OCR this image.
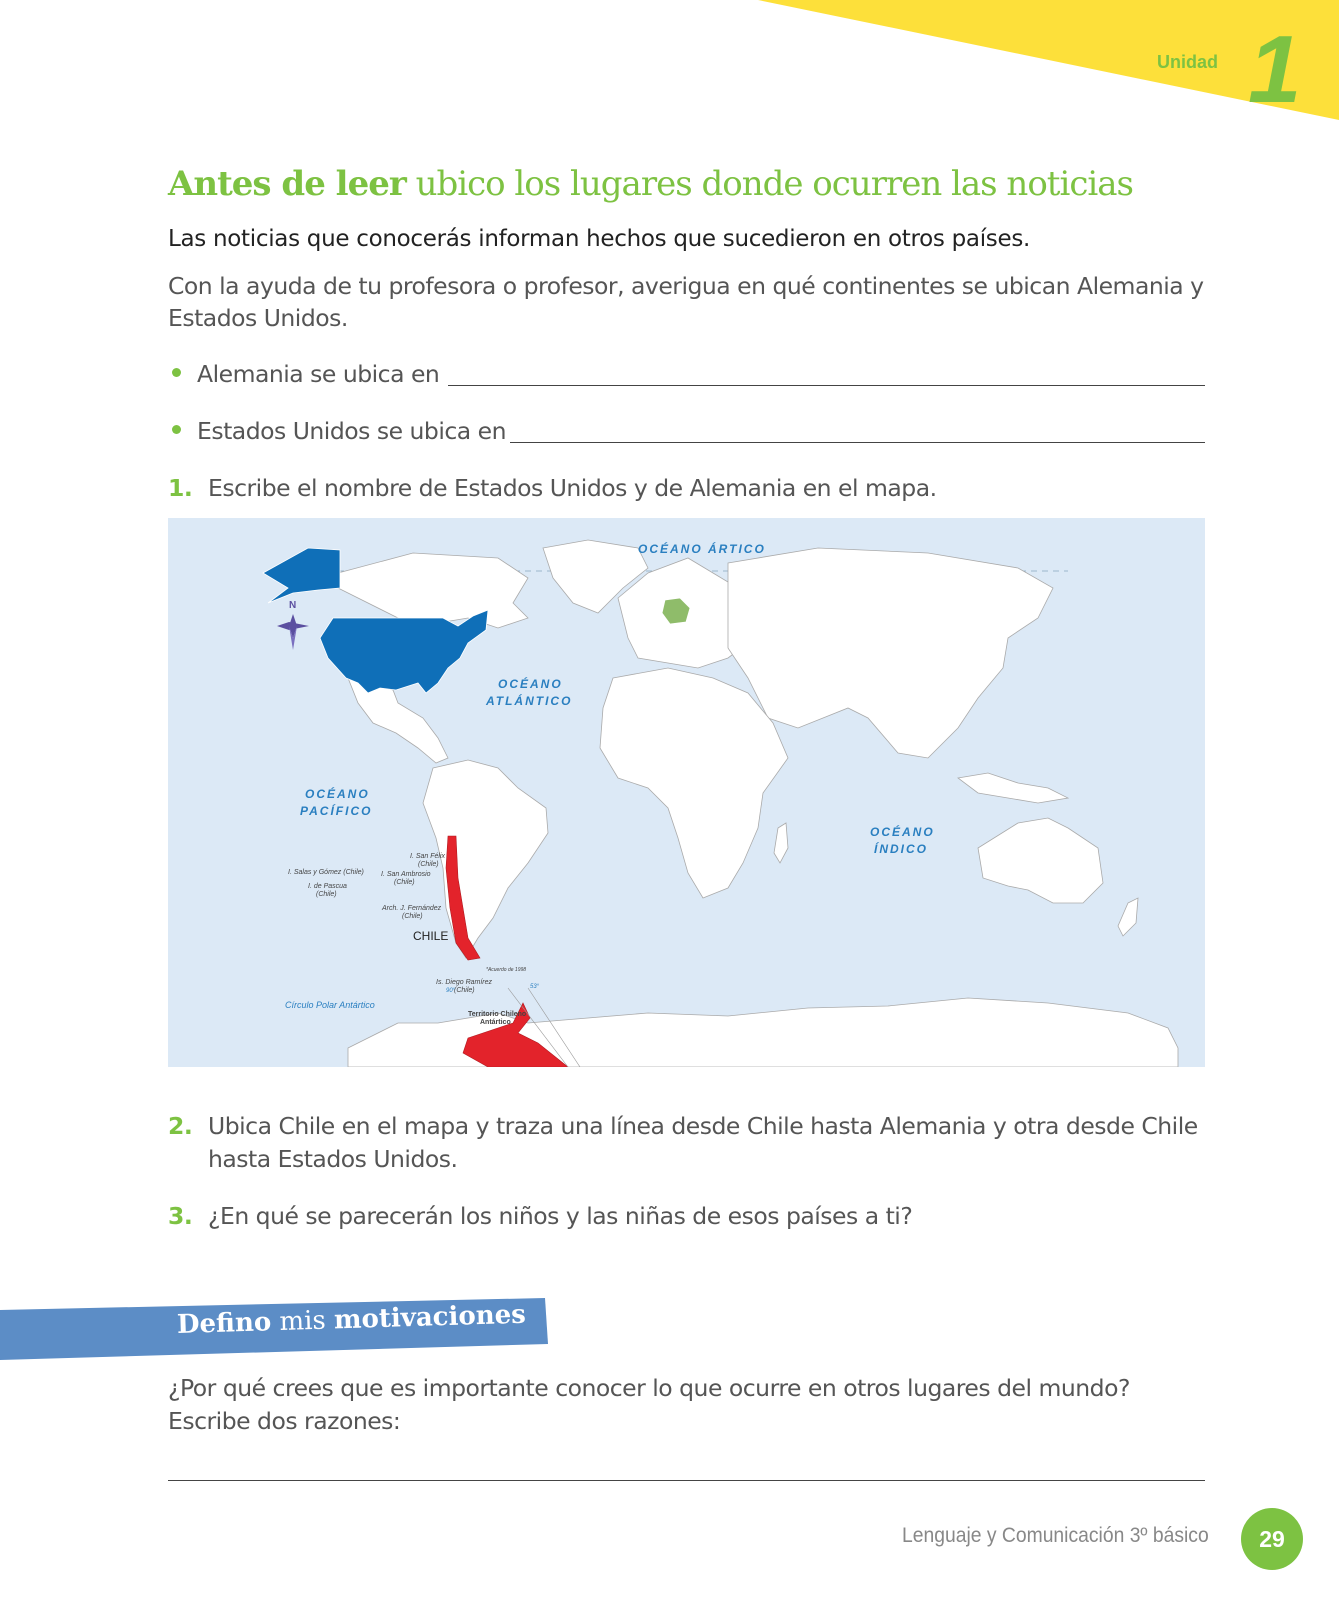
Unidad 1
Antes de leer ubico los lugares donde ocurren las noticias
Las noticias que conocerás informan hechos que sucedieron en otros países.
Con la ayuda de tu profesora o profesor, averigua en qué continentes se ubican Alemania y Estados Unidos.
Alemania se ubica en
Estados Unidos se ubica en
1. Escribe el nombre de Estados Unidos y de Alemania en el mapa.
N
OCÉANO ÁRTICO
OCÉANO
ATLÁNTICO
OCÉANO
PACÍFICO
OCÉANO
ÍNDICO
I. San Félix
(Chile)
I. San Ambrosio
(Chile)
I. Salas y Gómez (Chile)
I. de Pascua
(Chile)
Arch. J. Fernández
(Chile)
*Acuerdo de 1998
Is. Diego Ramírez
(Chile)
90°
53°
Territorio Chileno
Antártico
Círculo Polar Antártico
CHILE
2. Ubica Chile en el mapa y traza una línea desde Chile hasta Alemania y otra desde Chile hasta Estados Unidos.
3. ¿En qué se parecerán los niños y las niñas de esos países a ti?
Defino mis motivaciones
¿Por qué crees que es importante conocer lo que ocurre en otros lugares del mundo? Escribe dos razones:
Lenguaje y Comunicación 3º básico	29
